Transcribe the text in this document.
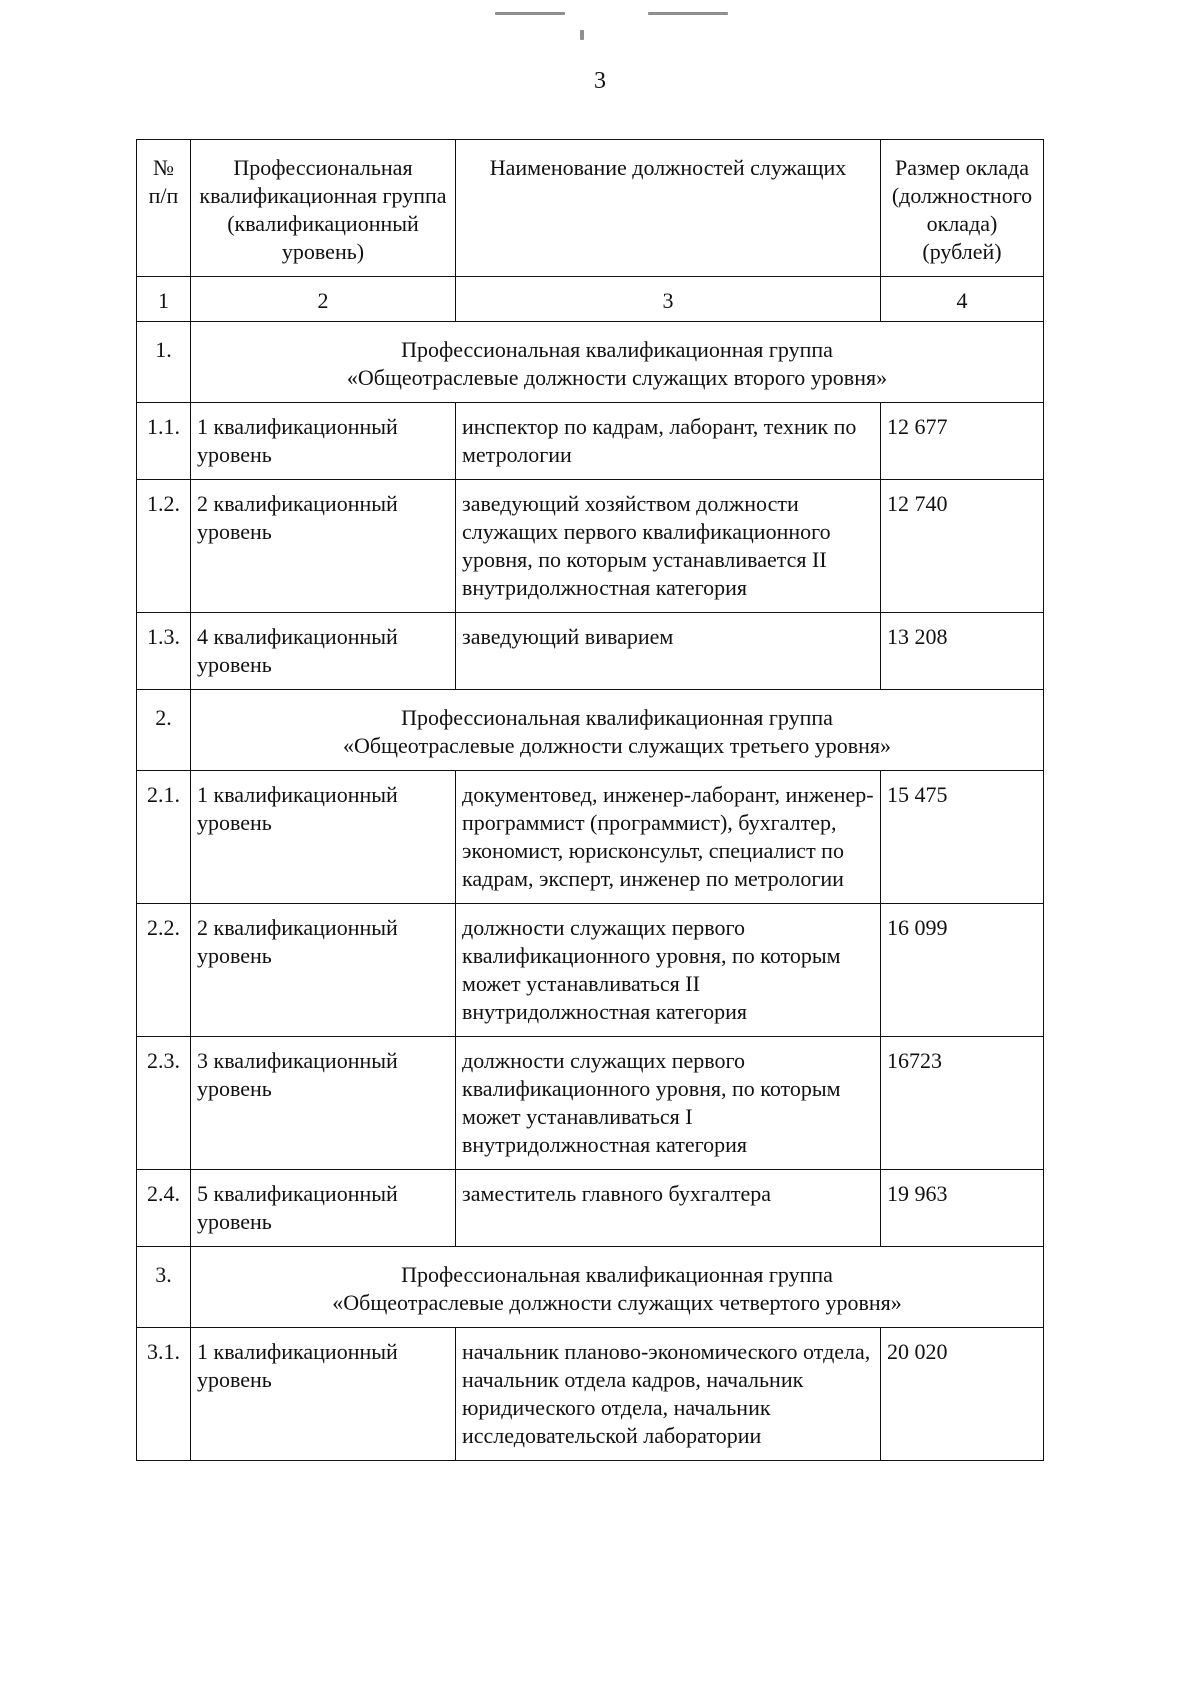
3
№ п/п	Профессиональная квалификационная группа (квалификационный уровень)	Наименование должностей служащих	Размер оклада (должностного оклада) (рублей)
1	2	3	4
1.	Профессиональная квалификационная группа
«Общеотраслевые должности служащих второго уровня»		

1.1.	1 квалификационный уровень	инспектор по кадрам, лаборант, техник по метрологии	12 677
1.2.	2 квалификационный уровень	заведующий хозяйством должности служащих первого квалификационного уровня, по которым устанавливается II внутридолжностная категория	12 740
1.3.	4 квалификационный уровень	заведующий виварием	13 208
2.	Профессиональная квалификационная группа
«Общеотраслевые должности служащих третьего уровня»		

2.1.	1 квалификационный уровень	документовед, инженер-лаборант, инженер-программист (программист), бухгалтер, экономист, юрисконсульт, специалист по кадрам, эксперт, инженер по метрологии	15 475
2.2.	2 квалификационный уровень	должности служащих первого квалификационного уровня, по которым может устанавливаться II внутридолжностная категория	16 099
2.3.	3 квалификационный уровень	должности служащих первого квалификационного уровня, по которым может устанавливаться I внутридолжностная категория	16723
2.4.	5 квалификационный уровень	заместитель главного бухгалтера	19 963
3.	Профессиональная квалификационная группа
«Общеотраслевые должности служащих четвертого уровня»		

3.1.	1 квалификационный уровень	начальник планово-экономического отдела, начальник отдела кадров, начальник юридического отдела, начальник исследовательской лаборатории	20 020
